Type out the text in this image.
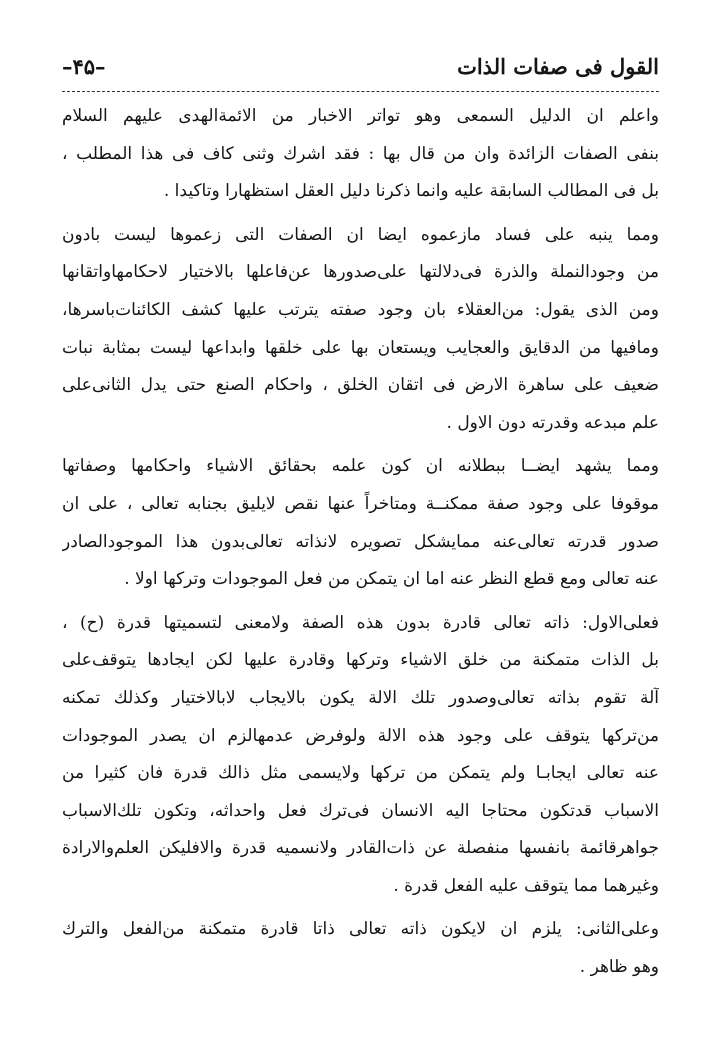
القول فى صفات الذات
–۴۵–
واعلم ان الدليل السمعى وهو تواتر الاخبار من الائمةالهدى عليهم السلام
بنفى الصفات الزائدة وان من قال بها : فقد اشرك وثنى كاف فى هذا المطلب ،
بل فى المطالب السابقة عليه وانما ذكرنا دليل العقل استظهارا وتاكيدا .
ومما ينبه على فساد مازعموه ايضا ان الصفات التى زعموها ليست بادون
من وجودالنملة والذرة فى‌دلالتها على‌صدورها عن‌فاعلها بالاختيار لاحكامهاواتقانها
ومن الذى يقول: من‌العقلاء بان وجود صفته يترتب عليها كشف الكائنات‌باسرها،
ومافيها من الدقايق والعجايب ويستعان بها على خلقها وابداعها ليست بمثابة نبات
ضعيف على ساهرة الارض فى اتقان الخلق ، واحكام الصنع حتى يدل الثانى‌على
علم مبدعه وقدرته دون الاول .
ومما يشهد ايضــا ببطلانه ان كون علمه بحقائق الاشياء واحكامها وصفاتها
موقوفا على وجود صفة ممكنــة ومتاخراً عنها نقص لايليق بجنابه تعالى ، على ان
صدور قدرته تعالى‌عنه ممايشكل تصويره لانذاته تعالى‌بدون هذا الموجودالصادر
عنه تعالى ومع قطع النظر عنه اما ان يتمكن من فعل الموجودات وتركها اولا .
فعلى‌الاول: ذاته تعالى قادرة بدون هذه الصفة ولامعنى لتسميتها قدرة (ح) ،
بل الذات متمكنة من خلق الاشياء وتركها وقادرة عليها لكن ايجادها يتوقف‌على
آلة تقوم بذاته تعالى‌وصدور تلك الالة يكون بالايجاب لابالاختيار وكذلك تمكنه
من‌تركها يتوقف على وجود هذه الالة ولوفرض عدمهالزم ان يصدر الموجودات
عنه تعالى ايجابـا ولم يتمكن من تركها ولايسمى مثل ذالك قدرة فان كثيرا من
الاسباب قدتكون محتاجا اليه الانسان فى‌ترك فعل واحداثه، وتكون تلك‌الاسباب
جواهرقائمة بانفسها منفصلة عن ذات‌القادر ولانسميه قدرة والافليكن العلم‌والارادة
وغيرهما مما يتوقف عليه الفعل قدرة .
وعلى‌الثانى: يلزم ان لايكون ذاته تعالى ذاتا قادرة متمكنة من‌الفعل والترك
وهو ظاهر .
